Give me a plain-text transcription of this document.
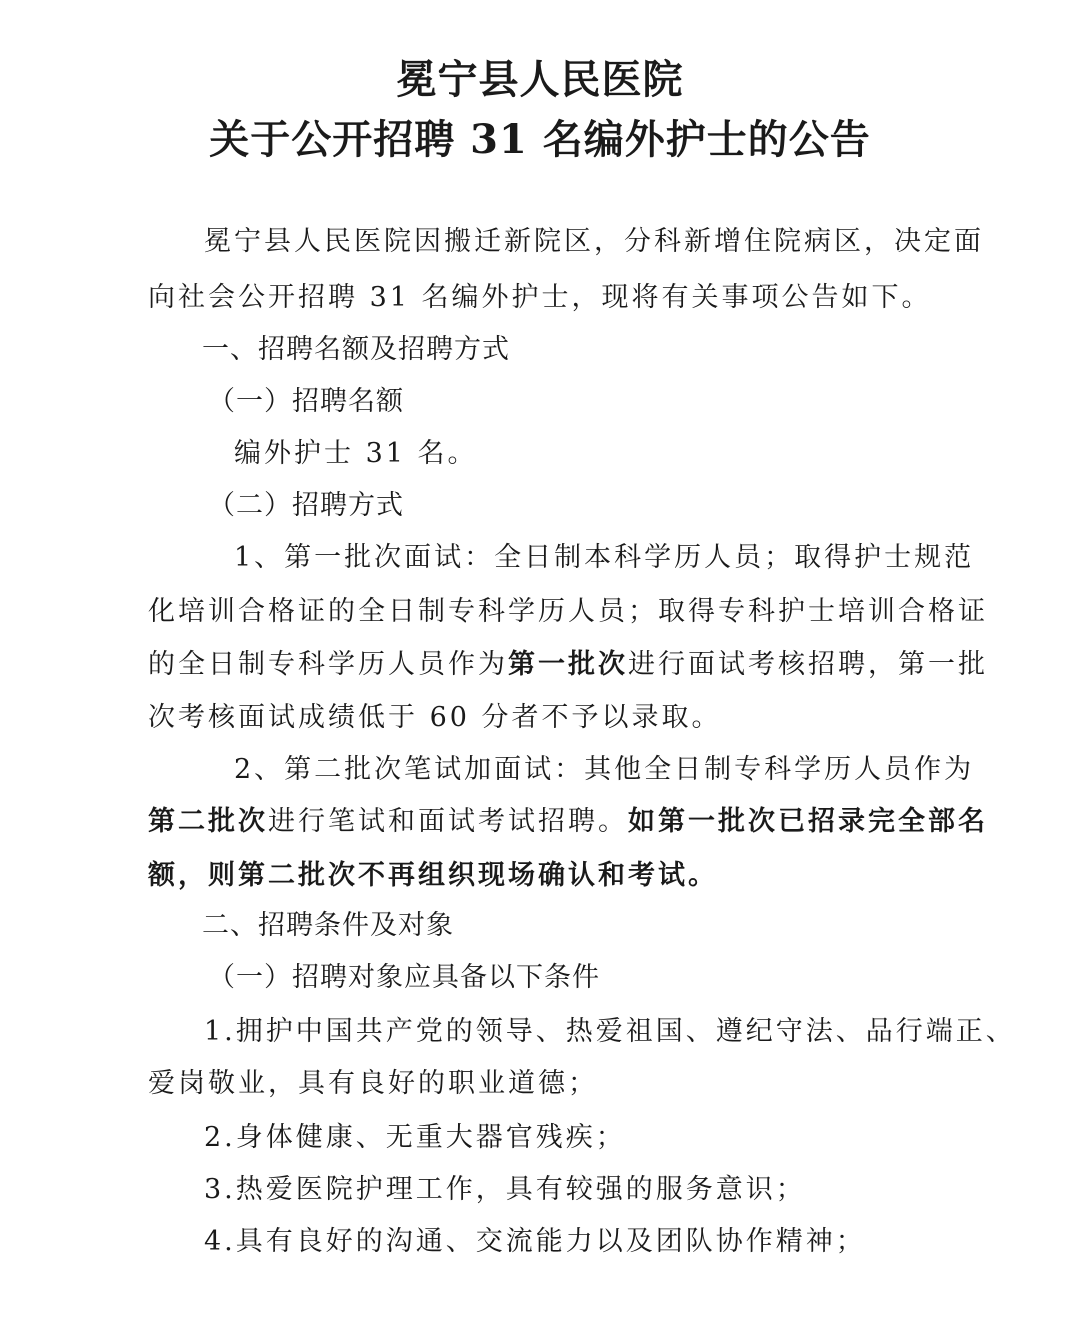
冕宁县人民医院
关于公开招聘 31 名编外护士的公告
冕宁县人民医院因搬迁新院区，分科新增住院病区，决定面
向社会公开招聘 31 名编外护士，现将有关事项公告如下。
一、招聘名额及招聘方式
（一）招聘名额
编外护士 31 名。
（二）招聘方式
1、第一批次面试：全日制本科学历人员；取得护士规范
化培训合格证的全日制专科学历人员；取得专科护士培训合格证
的全日制专科学历人员作为第一批次进行面试考核招聘，第一批
次考核面试成绩低于 60 分者不予以录取。
2、第二批次笔试加面试：其他全日制专科学历人员作为
第二批次进行笔试和面试考试招聘。如第一批次已招录完全部名
额，则第二批次不再组织现场确认和考试。
二、招聘条件及对象
（一）招聘对象应具备以下条件
1.拥护中国共产党的领导、热爱祖国、遵纪守法、品行端正、
爱岗敬业，具有良好的职业道德；
2.身体健康、无重大器官残疾；
3.热爱医院护理工作，具有较强的服务意识；
4.具有良好的沟通、交流能力以及团队协作精神；
